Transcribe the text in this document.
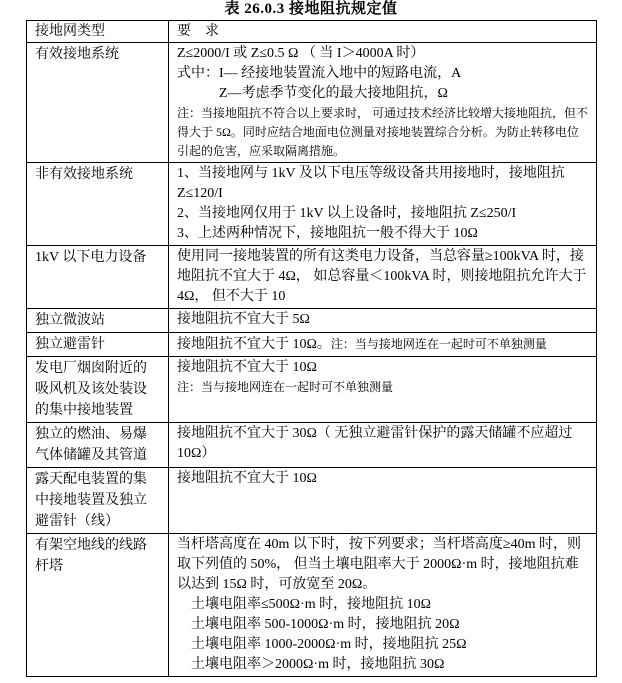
表 26.0.3 接地阻抗规定值
接地网类型	要　求
有效接地系统	Z≤2000/I 或 Z≤0.5 Ω （ 当 I＞4000A 时）
式中：I— 经接地装置流入地中的短路电流，A
Z—考虑季节变化的最大接地阻抗，Ω
注：当接地阻抗不符合以上要求时， 可通过技术经济比较增大接地阻抗，但不得大于 5Ω。同时应结合地面电位测量对接地装置综合分析。为防止转移电位引起的危害，应采取隔离措施。

非有效接地系统	1、当接地网与 1kV 及以下电压等级设备共用接地时，接地阻抗 Z≤120/I
2、当接地网仅用于 1kV 以上设备时，接地阻抗 Z≤250/I
3、上述两种情况下，接地阻抗一般不得大于 10Ω

1kV 以下电力设备	使用同一接地装置的所有这类电力设备，当总容量≥100kVA 时，接地阻抗不宜大于 4Ω， 如总容量＜100kVA 时，则接地阻抗允许大于 4Ω， 但不大于 10

独立微波站	接地阻抗不宜大于 5Ω

独立避雷针	接地阻抗不宜大于 10Ω。注：当与接地网连在一起时可不单独测量

发电厂烟囱附近的吸风机及该处装设的集中接地装置	接地阻抗不宜大于 10Ω
注：当与接地网连在一起时可不单独测量

独立的燃油、易爆气体储罐及其管道	接地阻抗不宜大于 30Ω（ 无独立避雷针保护的露天储罐不应超过 10Ω）

露天配电装置的集中接地装置及独立避雷针（线）	接地阻抗不宜大于 10Ω

有架空地线的线路杆塔	当杆塔高度在 40m 以下时，按下列要求；当杆塔高度≥40m 时，则取下列值的 50%， 但当土壤电阻率大于 2000Ω·m 时，接地阻抗难以达到 15Ω 时，可放宽至 20Ω。
土壤电阻率≤500Ω·m 时，接地阻抗 10Ω
土壤电阻率 500-1000Ω·m 时，接地阻抗 20Ω
土壤电阻率 1000-2000Ω·m 时，接地阻抗 25Ω
土壤电阻率＞2000Ω·m 时，接地阻抗 30Ω
